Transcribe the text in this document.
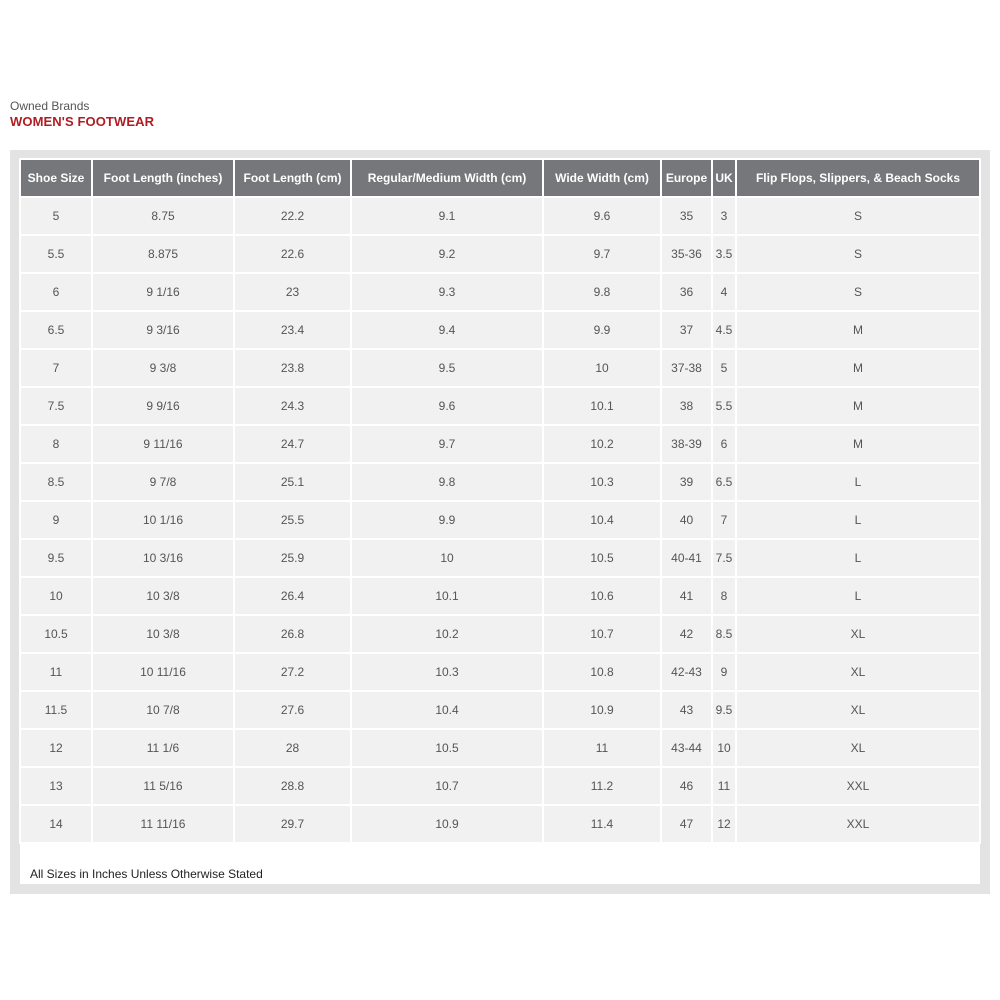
Owned Brands
WOMEN'S FOOTWEAR
Shoe Size	Foot Length (inches)	Foot Length (cm)	Regular/Medium Width (cm)	Wide Width (cm)	Europe	UK	Flip Flops, Slippers, & Beach Socks
5	8.75	22.2	9.1	9.6	35	3	S
5.5	8.875	22.6	9.2	9.7	35-36	3.5	S
6	9 1/16	23	9.3	9.8	36	4	S
6.5	9 3/16	23.4	9.4	9.9	37	4.5	M
7	9 3/8	23.8	9.5	10	37-38	5	M
7.5	9 9/16	24.3	9.6	10.1	38	5.5	M
8	9 11/16	24.7	9.7	10.2	38-39	6	M
8.5	9 7/8	25.1	9.8	10.3	39	6.5	L
9	10 1/16	25.5	9.9	10.4	40	7	L
9.5	10 3/16	25.9	10	10.5	40-41	7.5	L
10	10 3/8	26.4	10.1	10.6	41	8	L
10.5	10 3/8	26.8	10.2	10.7	42	8.5	XL
11	10 11/16	27.2	10.3	10.8	42-43	9	XL
11.5	10 7/8	27.6	10.4	10.9	43	9.5	XL
12	11 1/6	28	10.5	11	43-44	10	XL
13	11 5/16	28.8	10.7	11.2	46	11	XXL
14	11 11/16	29.7	10.9	11.4	47	12	XXL
All Sizes in Inches Unless Otherwise Stated
